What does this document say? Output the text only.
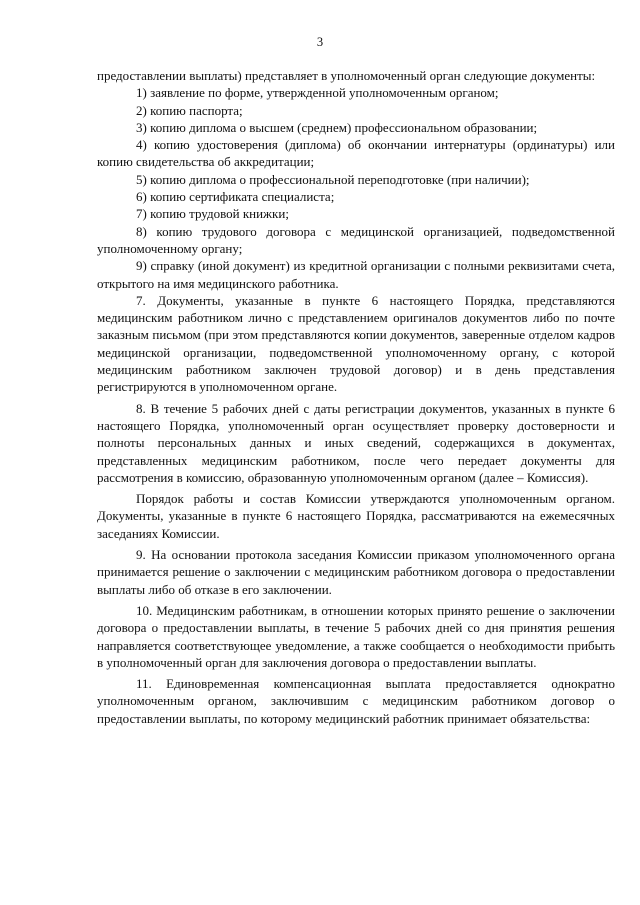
3

предоставлении выплаты) представляет в уполномоченный орган следующие документы:

1) заявление по форме, утвержденной уполномоченным органом;

2) копию паспорта;

3) копию диплома о высшем (среднем) профессиональном образовании;

4) копию удостоверения (диплома) об окончании интернатуры (ординатуры) или копию свидетельства об аккредитации;

5) копию диплома о профессиональной переподготовке (при наличии);

6) копию сертификата специалиста;

7) копию трудовой книжки;

8) копию трудового договора с медицинской организацией, подведомственной уполномоченному органу;

9) справку (иной документ) из кредитной организации с полными реквизитами счета, открытого на имя медицинского работника.

7. Документы, указанные в пункте 6 настоящего Порядка, представляются медицинским работником лично с представлением оригиналов документов либо по почте заказным письмом (при этом представляются копии документов, заверенные отделом кадров медицинской организации, подведомственной уполномоченному органу, с которой медицинским работником заключен трудовой договор) и в день представления регистрируются в уполномоченном органе.

8. В течение 5 рабочих дней с даты регистрации документов, указанных в пункте 6 настоящего Порядка, уполномоченный орган осуществляет проверку достоверности и полноты персональных данных и иных сведений, содержащихся в документах, представленных медицинским работником, после чего передает документы для рассмотрения в комиссию, образованную уполномоченным органом (далее – Комиссия).

Порядок работы и состав Комиссии утверждаются уполномоченным органом. Документы, указанные в пункте 6 настоящего Порядка, рассматриваются на ежемесячных заседаниях Комиссии.

9. На основании протокола заседания Комиссии приказом уполномоченного органа принимается решение о заключении с медицинским работником договора о предоставлении выплаты либо об отказе в его заключении.

10. Медицинским работникам, в отношении которых принято решение о заключении договора о предоставлении выплаты, в течение 5 рабочих дней со дня принятия решения направляется соответствующее уведомление, а также сообщается о необходимости прибыть в уполномоченный орган для заключения договора о предоставлении выплаты.

11. Единовременная компенсационная выплата предоставляется однократно уполномоченным органом, заключившим с медицинским работником договор о предоставлении выплаты, по которому медицинский работник принимает обязательства:
